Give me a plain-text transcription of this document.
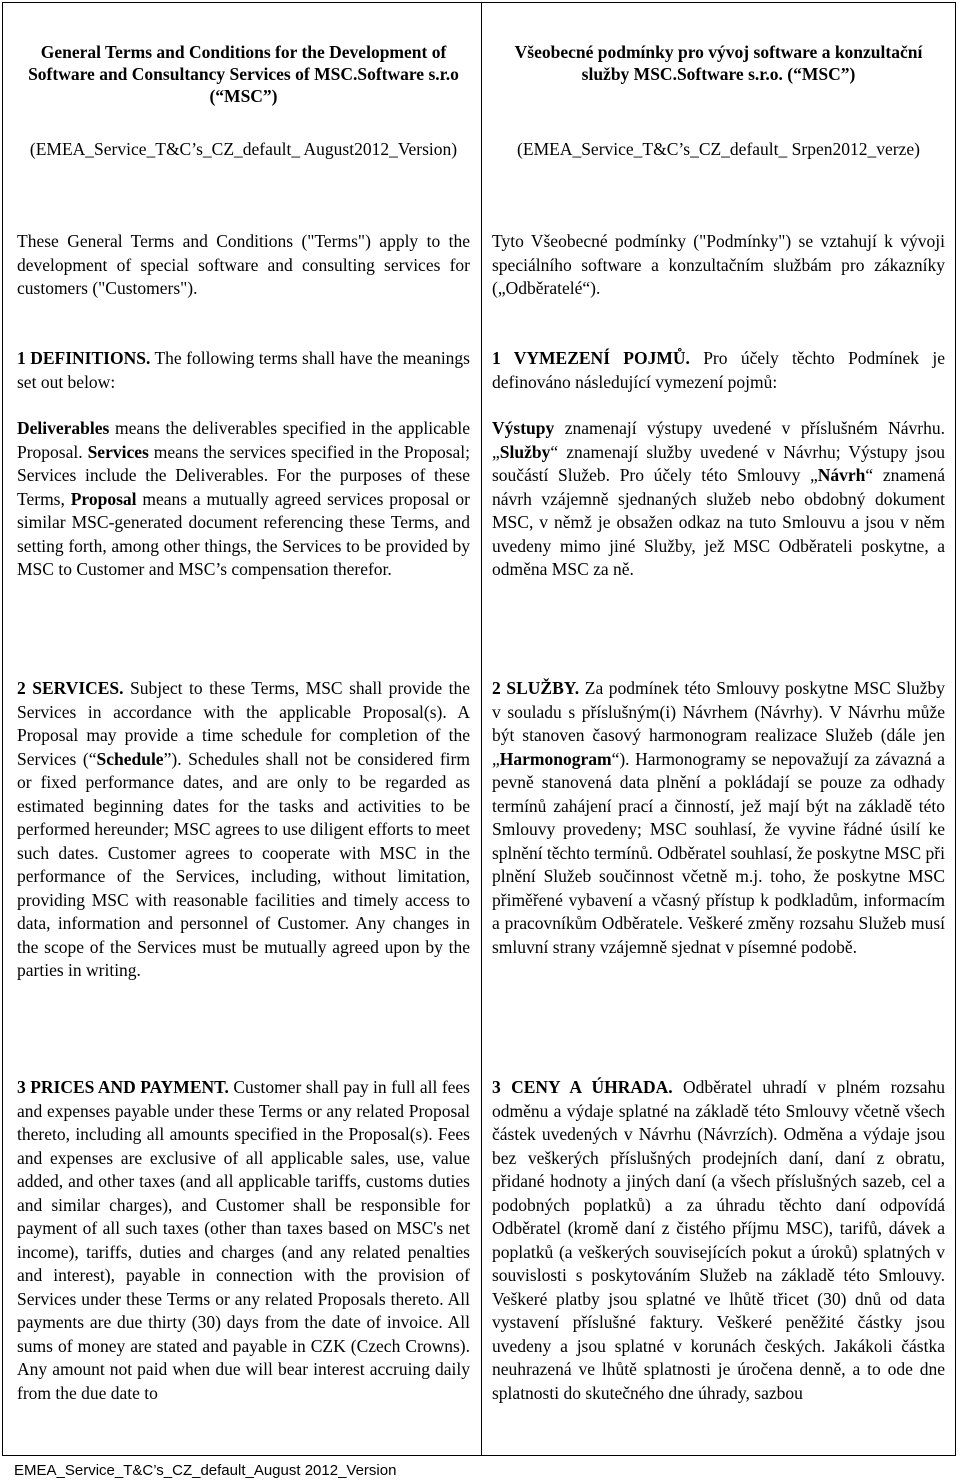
General Terms and Conditions for the Development of Software and Consultancy Services of MSC.Software s.r.o (“MSC”)
(EMEA_Service_T&C’s_CZ_default_ August2012_Version)
These General Terms and Conditions ("Terms") apply to the development of special software and consulting services for customers ("Customers").
1 DEFINITIONS. The following terms shall have the meanings set out below:
Deliverables means the deliverables specified in the applicable Proposal. Services means the services specified in the Proposal; Services include the Deliverables. For the purposes of these Terms, Proposal means a mutually agreed services proposal or similar MSC-generated document referencing these Terms, and setting forth, among other things, the Services to be provided by MSC to Customer and MSC’s compensation therefor.
2 SERVICES. Subject to these Terms, MSC shall provide the Services in accordance with the applicable Proposal(s). A Proposal may provide a time schedule for completion of the Services (“Schedule”). Schedules shall not be considered firm or fixed performance dates, and are only to be regarded as estimated beginning dates for the tasks and activities to be performed hereunder; MSC agrees to use diligent efforts to meet such dates. Customer agrees to cooperate with MSC in the performance of the Services, including, without limitation, providing MSC with reasonable facilities and timely access to data, information and personnel of Customer. Any changes in the scope of the Services must be mutually agreed upon by the parties in writing.
3 PRICES AND PAYMENT. Customer shall pay in full all fees and expenses payable under these Terms or any related Proposal thereto, including all amounts specified in the Proposal(s). Fees and expenses are exclusive of all applicable sales, use, value added, and other taxes (and all applicable tariffs, customs duties and similar charges), and Customer shall be responsible for payment of all such taxes (other than taxes based on MSC's net income), tariffs, duties and charges (and any related penalties and interest), payable in connection with the provision of Services under these Terms or any related Proposals thereto. All payments are due thirty (30) days from the date of invoice. All sums of money are stated and payable in CZK (Czech Crowns). Any amount not paid when due will bear interest accruing daily from the due date to
Všeobecné podmínky pro vývoj software a konzultační služby MSC.Software s.r.o. (“MSC”)
(EMEA_Service_T&C’s_CZ_default_ Srpen2012_verze)
Tyto Všeobecné podmínky ("Podmínky") se vztahují k vývoji speciálního software a konzultačním službám pro zákazníky („Odběratelé“).
1 VYMEZENÍ POJMŮ. Pro účely těchto Podmínek je definováno následující vymezení pojmů:
Výstupy znamenají výstupy uvedené v příslušném Návrhu. „Služby“ znamenají služby uvedené v Návrhu; Výstupy jsou součástí Služeb. Pro účely této Smlouvy „Návrh“ znamená návrh vzájemně sjednaných služeb nebo obdobný dokument MSC, v němž je obsažen odkaz na tuto Smlouvu a jsou v něm uvedeny mimo jiné Služby, jež MSC Odběrateli poskytne, a odměna MSC za ně.
2 SLUŽBY. Za podmínek této Smlouvy poskytne MSC Služby v souladu s příslušným(i) Návrhem (Návrhy). V Návrhu může být stanoven časový harmonogram realizace Služeb (dále jen „Harmonogram“). Harmonogramy se nepovažují za závazná a pevně stanovená data plnění a pokládají se pouze za odhady termínů zahájení prací a činností, jež mají být na základě této Smlouvy provedeny; MSC souhlasí, že vyvine řádné úsilí ke splnění těchto termínů. Odběratel souhlasí, že poskytne MSC při plnění Služeb součinnost včetně m.j. toho, že poskytne MSC přiměřené vybavení a včasný přístup k podkladům, informacím a pracovníkům Odběratele. Veškeré změny rozsahu Služeb musí smluvní strany vzájemně sjednat v písemné podobě.
3 CENY A ÚHRADA. Odběratel uhradí v plném rozsahu odměnu a výdaje splatné na základě této Smlouvy včetně všech částek uvedených v Návrhu (Návrzích). Odměna a výdaje jsou bez veškerých příslušných prodejních daní, daní z obratu, přidané hodnoty a jiných daní (a všech příslušných sazeb, cel a podobných poplatků) a za úhradu těchto daní odpovídá Odběratel (kromě daní z čistého příjmu MSC), tarifů, dávek a poplatků (a veškerých souvisejících pokut a úroků) splatných v souvislosti s poskytováním Služeb na základě této Smlouvy. Veškeré platby jsou splatné ve lhůtě třicet (30) dnů od data vystavení příslušné faktury. Veškeré peněžité částky jsou uvedeny a jsou splatné v korunách českých. Jakákoli částka neuhrazená ve lhůtě splatnosti je úročena denně, a to ode dne splatnosti do skutečného dne úhrady, sazbou
EMEA_Service_T&C’s_CZ_default_August 2012_Version
